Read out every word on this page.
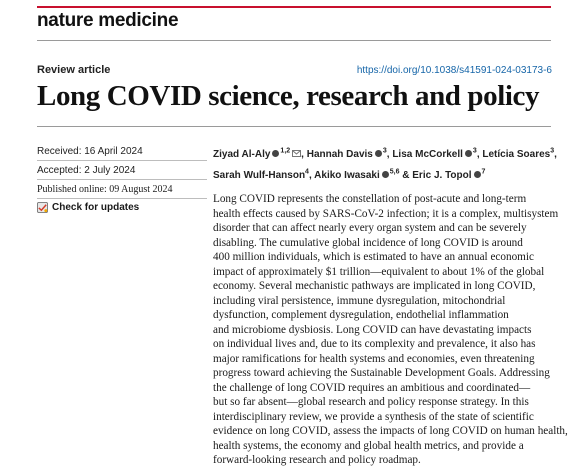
nature medicine
Review article	https://doi.org/10.1038/s41591-024-03173-6
Long COVID science, research and policy
Received: 16 April 2024
Accepted: 2 July 2024
Published online: 09 August 2024
Check for updates
Ziyad Al-Aly $^{1,2}$ , Hannah Davis $^3$, Lisa McCorkell $^3$, Letícia Soares$^3$,
Sarah Wulf-Hanson$^4$, Akiko Iwasaki $^{5,6}$ & Eric J. Topol $^7$
Long COVID represents the constellation of post-acute and long-term
health effects caused by SARS-CoV-2 infection; it is a complex, multisystem
disorder that can affect nearly every organ system and can be severely
disabling. The cumulative global incidence of long COVID is around
400 million individuals, which is estimated to have an annual economic
impact of approximately $1 trillion—equivalent to about 1% of the global
economy. Several mechanistic pathways are implicated in long COVID,
including viral persistence, immune dysregulation, mitochondrial
dysfunction, complement dysregulation, endothelial inflammation
and microbiome dysbiosis. Long COVID can have devastating impacts
on individual lives and, due to its complexity and prevalence, it also has
major ramifications for health systems and economies, even threatening
progress toward achieving the Sustainable Development Goals. Addressing
the challenge of long COVID requires an ambitious and coordinated—
but so far absent—global research and policy response strategy. In this
interdisciplinary review, we provide a synthesis of the state of scientific
evidence on long COVID, assess the impacts of long COVID on human health,
health systems, the economy and global health metrics, and provide a
forward-looking research and policy roadmap.
